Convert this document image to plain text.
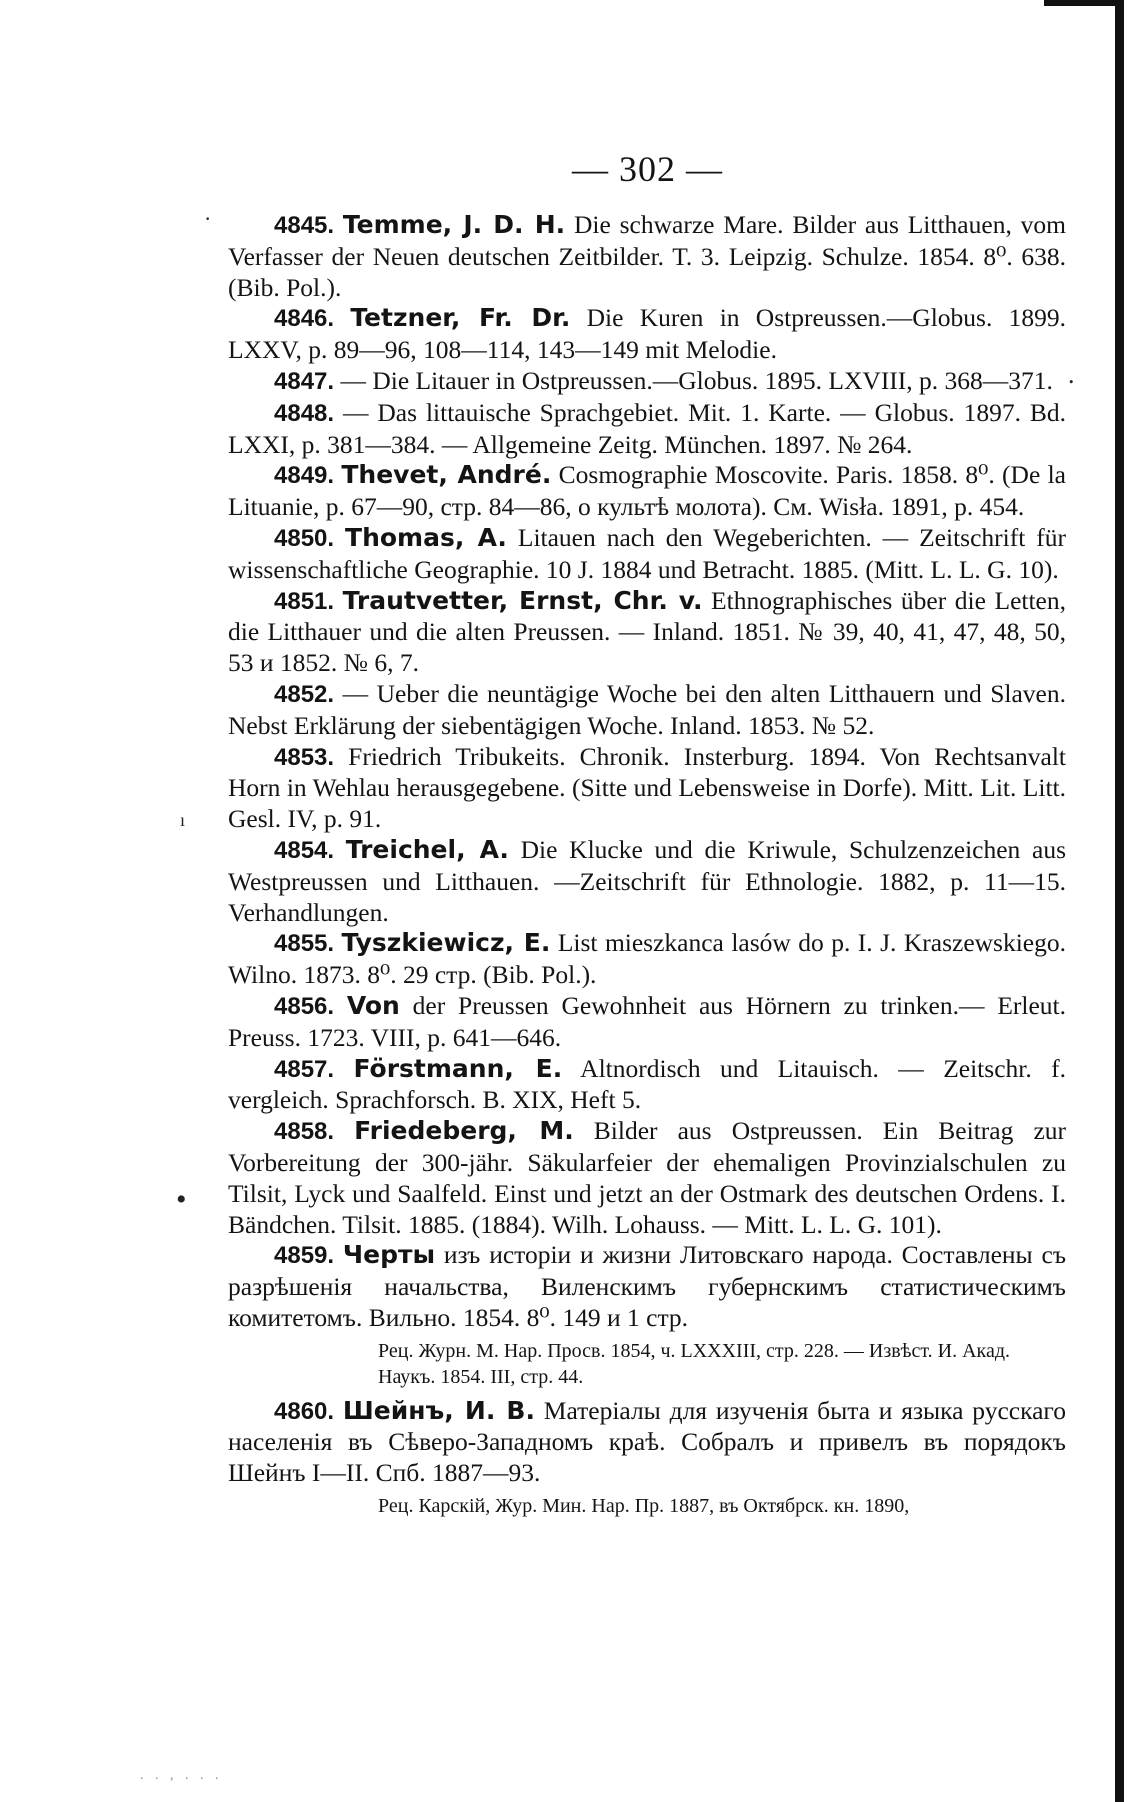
— 302 —
·
•
.
ı
. . , . . .

4845. Temme, J. D. H. Die schwarze Mare. Bilder aus Litthauen, vom Verfasser der Neuen deutschen Zeitbilder. T. 3. Leipzig. Schulze. 1854. 8⁰. 638. (Bib. Pol.).

4846. Tetzner, Fr. Dr. Die Kuren in Ostpreussen.—Globus. 1899. LXXV, p. 89—96, 108—114, 143—149 mit Melodie.

4847. — Die Litauer in Ostpreussen.—Globus. 1895. LXVIII, p. 368—371.

4848. — Das littauische Sprachgebiet. Mit. 1. Karte. — Globus. 1897. Bd. LXXI, p. 381—384. — Allgemeine Zeitg. München. 1897. № 264.

4849. Thevet, André. Cosmographie Moscovite. Paris. 1858. 8⁰. (De la Lituanie, p. 67—90, стр. 84—86, о культѣ молота). Cм. Wisła. 1891, p. 454.

4850. Thomas, A. Litauen nach den Wegeberichten. — Zeitschrift für wissenschaftliche Geographie. 10 J. 1884 und Betracht. 1885. (Mitt. L. L. G. 10).

4851. Trautvetter, Ernst, Chr. v. Ethnographisches über die Letten, die Litthauer und die alten Preussen. — Inland. 1851. № 39, 40, 41, 47, 48, 50, 53 и 1852. № 6, 7.

4852. — Ueber die neuntägige Woche bei den alten Litthauern und Slaven. Nebst Erklärung der siebentägigen Woche. Inland. 1853. № 52.

4853. Friedrich Tribukeits. Chronik. Insterburg. 1894. Von Rechtsanvalt Horn in Wehlau herausgegebene. (Sitte und Lebensweise in Dorfe). Mitt. Lit. Litt. Gesl. IV, p. 91.

4854. Treichel, A. Die Klucke und die Kriwule, Schulzenzeichen aus Westpreussen und Litthauen. —Zeitschrift für Ethnologie. 1882, p. 11—15. Verhandlungen.

4855. Tyszkiewicz, E. List mieszkanca lasów do p. I. J. Kraszewskiego. Wilno. 1873. 8⁰. 29 стр. (Bib. Pol.).

4856. Von der Preussen Gewohnheit aus Hörnern zu trinken.— Erleut. Preuss. 1723. VIII, p. 641—646.

4857. Förstmann, E. Altnordisch und Litauisch. — Zeitschr. f. vergleich. Sprachforsch. B. XIX, Heft 5.

4858. Friedeberg, M. Bilder aus Ostpreussen. Ein Beitrag zur Vorbereitung der 300-jähr. Säkularfeier der ehemaligen Provinzialschulen zu Tilsit, Lyck und Saalfeld. Einst und jetzt an der Ostmark des deutschen Ordens. I. Bändchen. Tilsit. 1885. (1884). Wilh. Lohauss. — Mitt. L. L. G. 101).

4859. Черты изъ исторіи и жизни Литовскаго народа. Составлены съ разрѣшенія начальства, Виленскимъ губернскимъ статистическимъ комитетомъ. Вильно. 1854. 8⁰. 149 и 1 стр.

Рец. Журн. М. Нар. Просв. 1854, ч. LXXXIII, стр. 228. — Извѣст. И. Акад. Наукъ. 1854. III, стр. 44.

4860. Шейнъ, И. В. Матеріалы для изученія быта и языка русскаго населенія въ Сѣверо-Западномъ краѣ. Собралъ и привелъ въ порядокъ Шейнъ I—II. Спб. 1887—93.

Рец. Карскій, Жур. Мин. Нар. Пр. 1887, въ Октябрск. кн. 1890,
